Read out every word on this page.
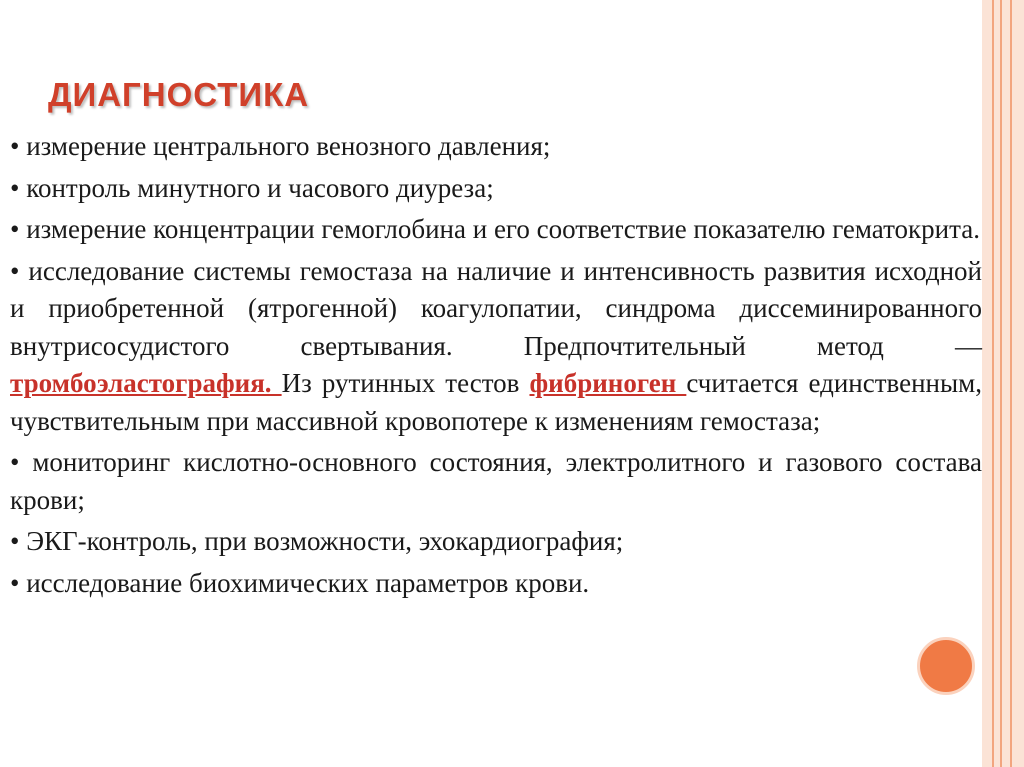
ДИАГНОСТИКА

• измерение центрального венозного давления;

• контроль минутного и часового диуреза;

• измерение концентрации гемоглобина и его соответствие показателю гематокрита.

• исследование системы гемостаза на наличие и интенсивность развития исходной и приобретенной (ятрогенной) коагулопатии, синдрома диссеминированного внутрисосудистого свертывания. Предпочтительный метод — тромбоэластография. Из рутинных тестов фибриноген считается единственным, чувствительным при массивной кровопотере к изменениям гемостаза;

• мониторинг кислотно-основного состояния, электролитного и газового состава крови;

• ЭКГ-контроль, при возможности, эхокардиография;

• исследование биохимических параметров крови.
